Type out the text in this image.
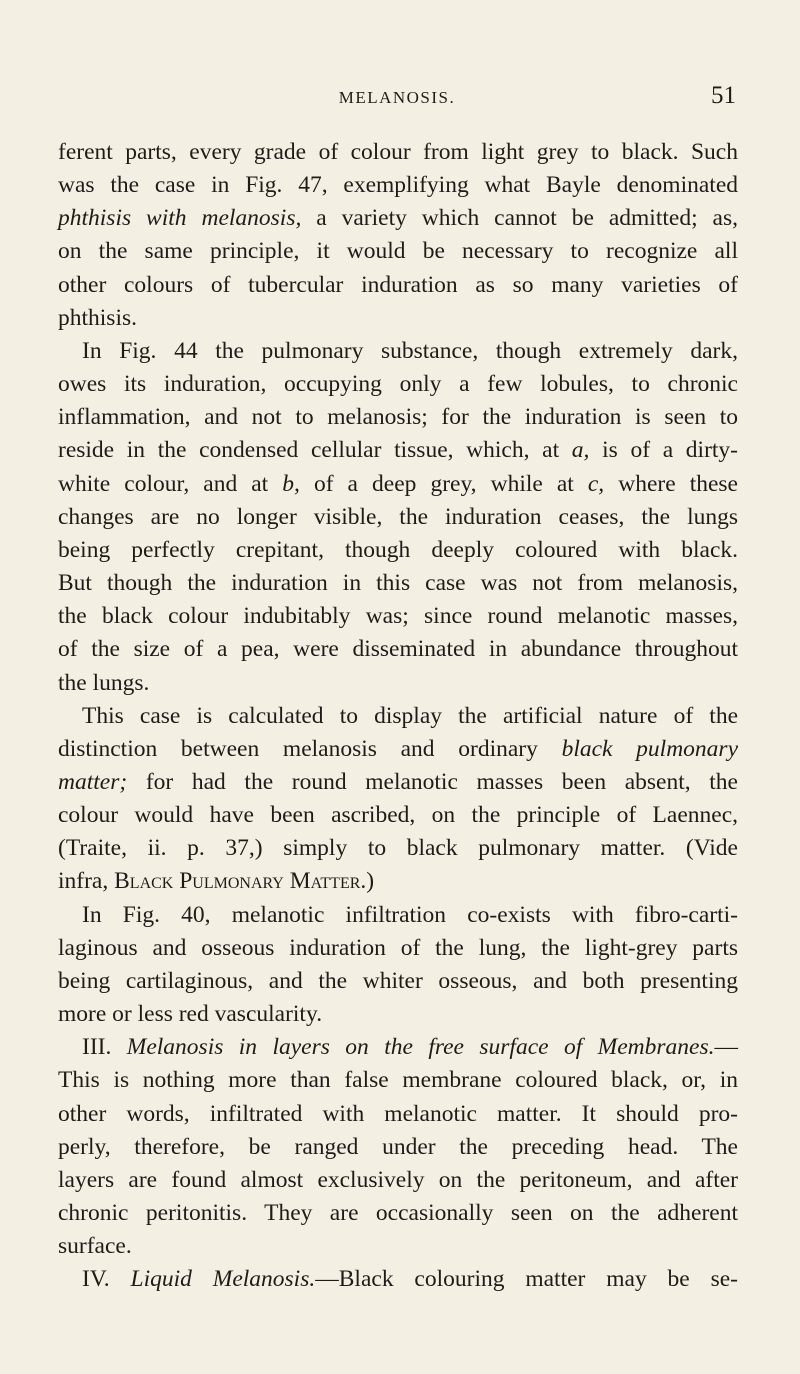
MELANOSIS.	51
ferent parts, every grade of colour from light grey to black. Such
was the case in Fig. 47, exemplifying what Bayle denominated
phthisis with melanosis, a variety which cannot be admitted; as,
on the same principle, it would be necessary to recognize all
other colours of tubercular induration as so many varieties of
phthisis.
In Fig. 44 the pulmonary substance, though extremely dark,
owes its induration, occupying only a few lobules, to chronic
inflammation, and not to melanosis; for the induration is seen to
reside in the condensed cellular tissue, which, at a, is of a dirty-
white colour, and at b, of a deep grey, while at c, where these
changes are no longer visible, the induration ceases, the lungs
being perfectly crepitant, though deeply coloured with black.
But though the induration in this case was not from melanosis,
the black colour indubitably was; since round melanotic masses,
of the size of a pea, were disseminated in abundance throughout
the lungs.
This case is calculated to display the artificial nature of the
distinction between melanosis and ordinary black pulmonary
matter; for had the round melanotic masses been absent, the
colour would have been ascribed, on the principle of Laennec,
(Traite, ii. p. 37,) simply to black pulmonary matter. (Vide
infra, Black Pulmonary Matter.)
In Fig. 40, melanotic infiltration co-exists with fibro-carti-
laginous and osseous induration of the lung, the light-grey parts
being cartilaginous, and the whiter osseous, and both presenting
more or less red vascularity.
III. Melanosis in layers on the free surface of Membranes.—
This is nothing more than false membrane coloured black, or, in
other words, infiltrated with melanotic matter. It should pro-
perly, therefore, be ranged under the preceding head. The
layers are found almost exclusively on the peritoneum, and after
chronic peritonitis. They are occasionally seen on the adherent
surface.
IV. Liquid Melanosis.—Black colouring matter may be se-
